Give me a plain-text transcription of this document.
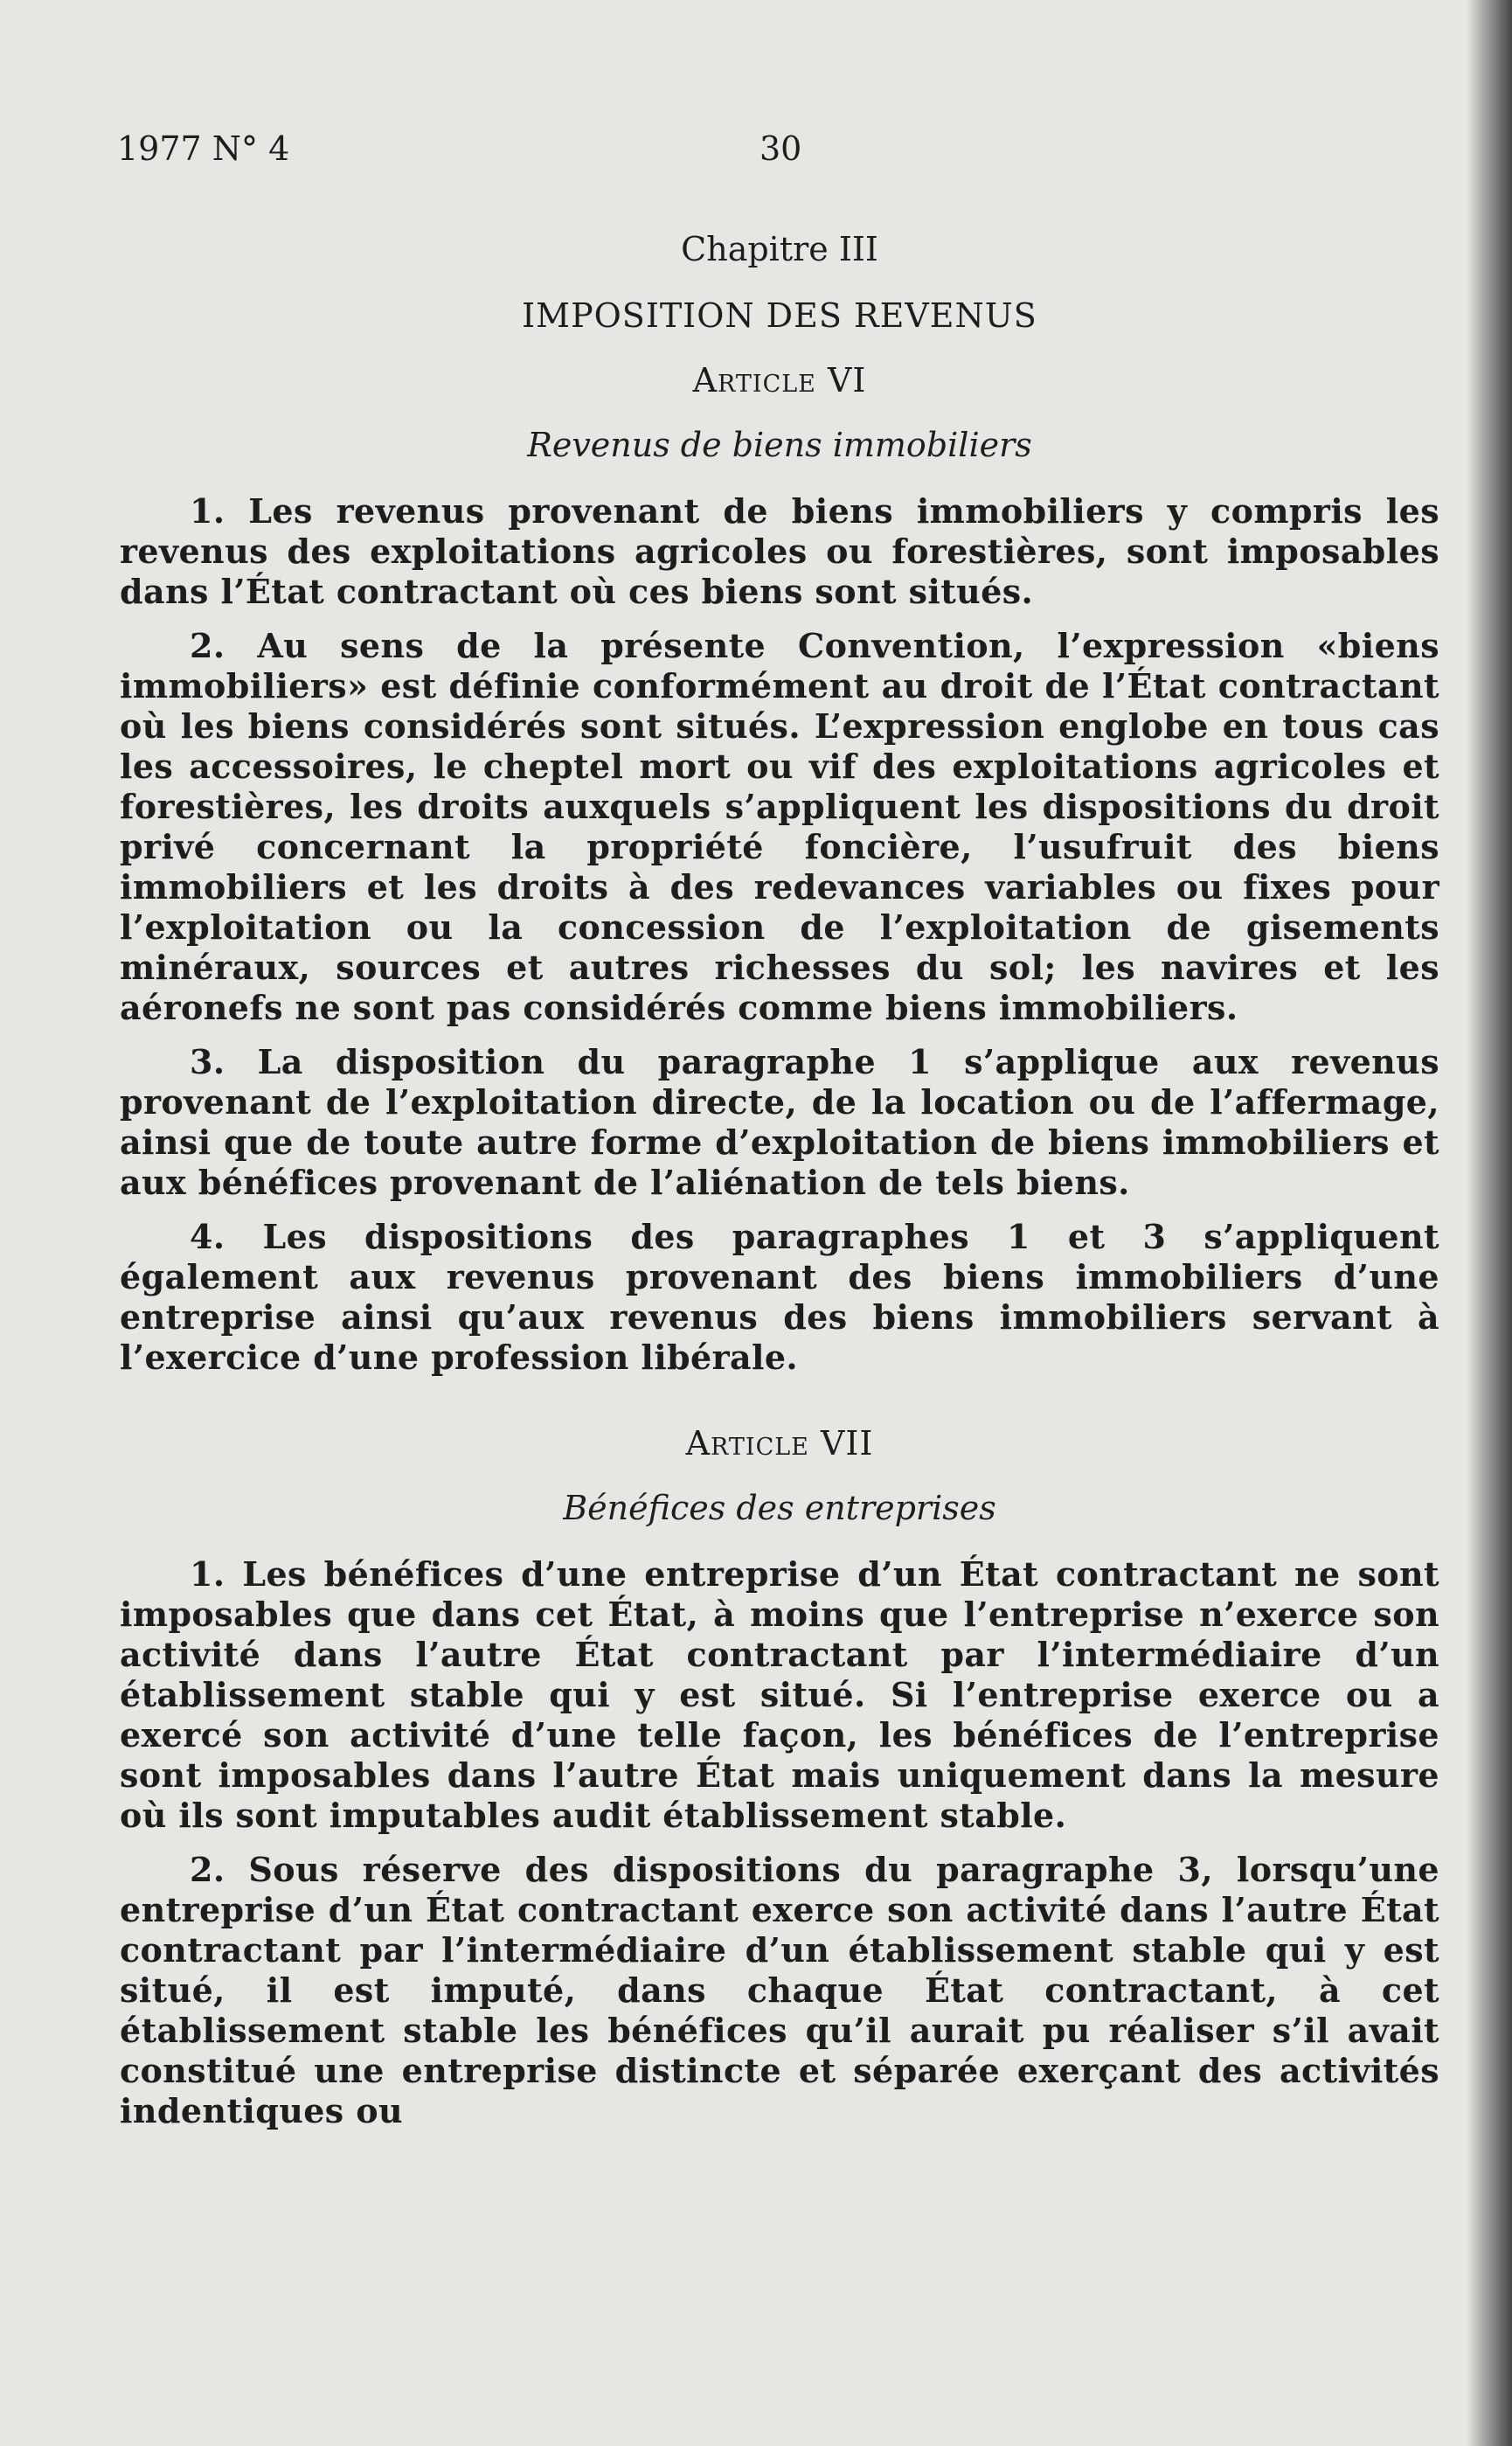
1977 N° 4	30

Chapitre III

IMPOSITION DES REVENUS

Article VI

Revenus de biens immobiliers

1. Les revenus provenant de biens immobiliers y compris les revenus des exploitations agricoles ou forestières, sont imposables dans l’État contractant où ces biens sont situés.

2. Au sens de la présente Convention, l’expression «biens immobiliers» est définie conformément au droit de l’État contractant où les biens considérés sont situés. L’expression englobe en tous cas les accessoires, le cheptel mort ou vif des exploitations agricoles et forestières, les droits auxquels s’appliquent les dispositions du droit privé concernant la propriété foncière, l’usufruit des biens immobiliers et les droits à des redevances variables ou fixes pour l’exploitation ou la concession de l’exploitation de gisements minéraux, sources et autres richesses du sol; les navires et les aéronefs ne sont pas considérés comme biens immobiliers.

3. La disposition du paragraphe 1 s’applique aux revenus provenant de l’exploitation directe, de la location ou de l’affermage, ainsi que de toute autre forme d’exploitation de biens immobiliers et aux bénéfices provenant de l’aliénation de tels biens.

4. Les dispositions des paragraphes 1 et 3 s’appliquent également aux revenus provenant des biens immobiliers d’une entreprise ainsi qu’aux revenus des biens immobiliers servant à l’exercice d’une profession libérale.

Article VII

Bénéfices des entreprises

1. Les bénéfices d’une entreprise d’un État contractant ne sont imposables que dans cet État, à moins que l’entreprise n’exerce son activité dans l’autre État contractant par l’intermédiaire d’un établissement stable qui y est situé. Si l’entreprise exerce ou a exercé son activité d’une telle façon, les bénéfices de l’entreprise sont imposables dans l’autre État mais uniquement dans la mesure où ils sont imputables audit établissement stable.

2. Sous réserve des dispositions du paragraphe 3, lorsqu’une entreprise d’un État contractant exerce son activité dans l’autre État contractant par l’intermédiaire d’un établissement stable qui y est situé, il est imputé, dans chaque État contractant, à cet établissement stable les bénéfices qu’il aurait pu réaliser s’il avait constitué une entreprise distincte et séparée exerçant des activités indentiques ou
